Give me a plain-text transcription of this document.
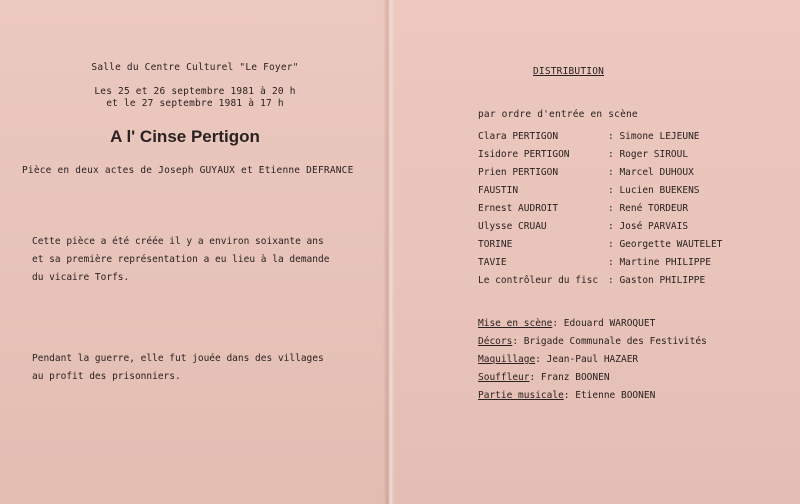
Salle du Centre Culturel "Le Foyer"
Les 25 et 26 septembre 1981 à 20 h
et le 27 septembre 1981 à 17 h
A l' Cinse Pertigon
Pièce en deux actes de Joseph GUYAUX et Etienne DEFRANCE
Cette pièce a été créée il y a environ soixante ans
et sa première représentation a eu lieu à la demande
du vicaire Torfs.
Pendant la guerre, elle fut jouée dans des villages
au profit des prisonniers.
DISTRIBUTION
par ordre d'entrée en scène
Clara PERTIGON	: Simone LEJEUNE
Isidore PERTIGON	: Roger SIROUL
Prien PERTIGON	: Marcel DUHOUX
FAUSTIN	: Lucien BUEKENS
Ernest AUDROIT	: René TORDEUR
Ulysse CRUAU	: José PARVAIS
TORINE	: Georgette WAUTELET
TAVIE	: Martine PHILIPPE
Le contrôleur du fisc : Gaston PHILIPPE
Mise en scène: Edouard WAROQUET
Décors: Brigade Communale des Festivités
Maquillage: Jean-Paul HAZAER
Souffleur: Franz BOONEN
Partie musicale: Etienne BOONEN
